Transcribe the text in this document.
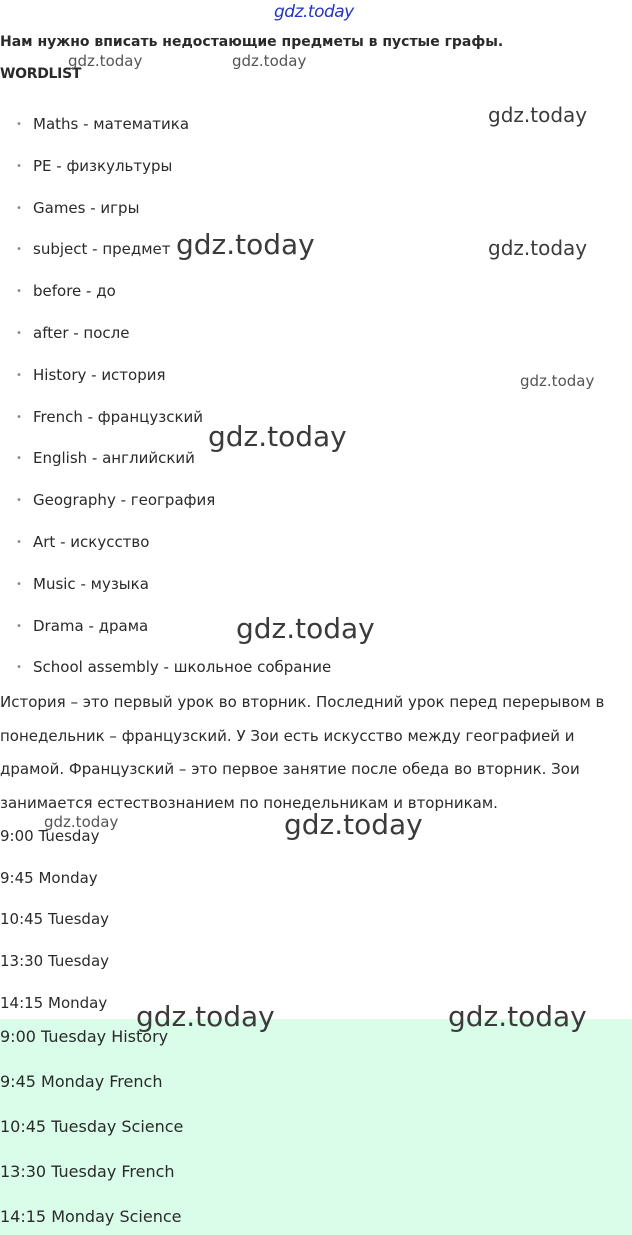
gdz.today
Нам нужно вписать недостающие предметы в пустые графы.
WORDLIST
• Maths - математика
• PE - физкультуры
• Games - игры
• subject - предмет
• before - до
• after - после
• History - история
• French - французский
• English - английский
• Geography - география
• Art - искусство
• Music - музыка
• Drama - драма
• School assembly - школьное собрание
История – это первый урок во вторник. Последний урок перед перерывом в понедельник – французский. У Зои есть искусство между географией и драмой. Французский – это первое занятие после обеда во вторник. Зои занимается естествознанием по понедельникам и вторникам.
9:00 Tuesday
9:45 Monday
10:45 Tuesday
13:30 Tuesday
14:15 Monday
9:00 Tuesday History
9:45 Monday French
10:45 Tuesday Science
13:30 Tuesday French
14:15 Monday Science
gdz.today	gdz.today
gdz.today
gdz.today	gdz.today
gdz.today
gdz.today
gdz.today
gdz.today	gdz.today
gdz.today	gdz.today
